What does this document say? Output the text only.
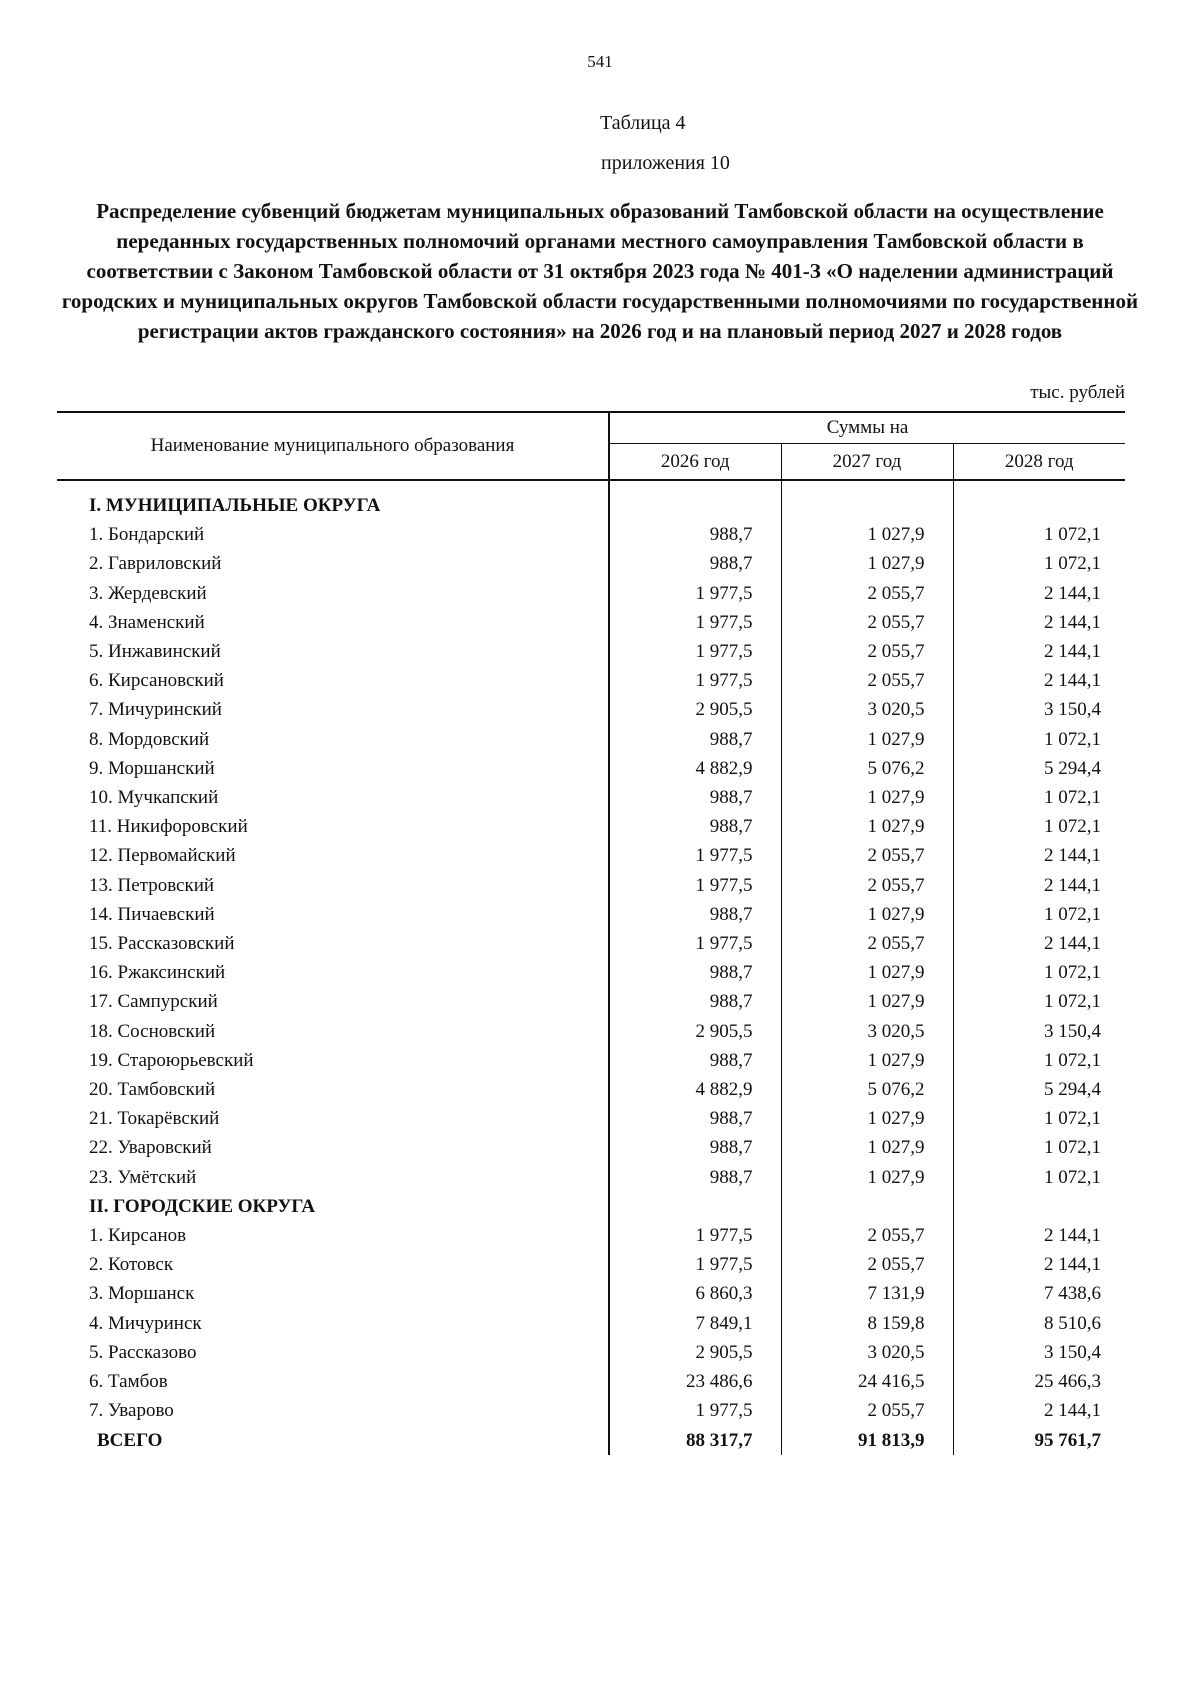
541
Таблица 4
приложения 10
Распределение субвенций бюджетам муниципальных образований Тамбовской области на осуществление переданных государственных полномочий органами местного самоуправления Тамбовской области в соответствии с Законом Тамбовской области от 31 октября 2023 года № 401-З «О наделении администраций городских и муниципальных округов Тамбовской области государственными полномочиями по государственной регистрации актов гражданского состояния» на 2026 год и на плановый период 2027 и 2028 годов
тыс. рублей
Наименование муниципального образования	Суммы на		
	2026 год	2027 год	2028 год

I. МУНИЦИПАЛЬНЫЕ ОКРУГА			
1. Бондарский	988,7	1 027,9	1 072,1
2. Гавриловский	988,7	1 027,9	1 072,1
3. Жердевский	1 977,5	2 055,7	2 144,1
4. Знаменский	1 977,5	2 055,7	2 144,1
5. Инжавинский	1 977,5	2 055,7	2 144,1
6. Кирсановский	1 977,5	2 055,7	2 144,1
7. Мичуринский	2 905,5	3 020,5	3 150,4
8. Мордовский	988,7	1 027,9	1 072,1
9. Моршанский	4 882,9	5 076,2	5 294,4
10. Мучкапский	988,7	1 027,9	1 072,1
11. Никифоровский	988,7	1 027,9	1 072,1
12. Первомайский	1 977,5	2 055,7	2 144,1
13. Петровский	1 977,5	2 055,7	2 144,1
14. Пичаевский	988,7	1 027,9	1 072,1
15. Рассказовский	1 977,5	2 055,7	2 144,1
16. Ржаксинский	988,7	1 027,9	1 072,1
17. Сампурский	988,7	1 027,9	1 072,1
18. Сосновский	2 905,5	3 020,5	3 150,4
19. Староюрьевский	988,7	1 027,9	1 072,1
20. Тамбовский	4 882,9	5 076,2	5 294,4
21. Токарёвский	988,7	1 027,9	1 072,1
22. Уваровский	988,7	1 027,9	1 072,1
23. Умётский	988,7	1 027,9	1 072,1
II. ГОРОДСКИЕ ОКРУГА			
1. Кирсанов	1 977,5	2 055,7	2 144,1
2. Котовск	1 977,5	2 055,7	2 144,1
3. Моршанск	6 860,3	7 131,9	7 438,6
4. Мичуринск	7 849,1	8 159,8	8 510,6
5. Рассказово	2 905,5	3 020,5	3 150,4
6. Тамбов	23 486,6	24 416,5	25 466,3
7. Уварово	1 977,5	2 055,7	2 144,1
ВСЕГО	88 317,7	91 813,9	95 761,7
